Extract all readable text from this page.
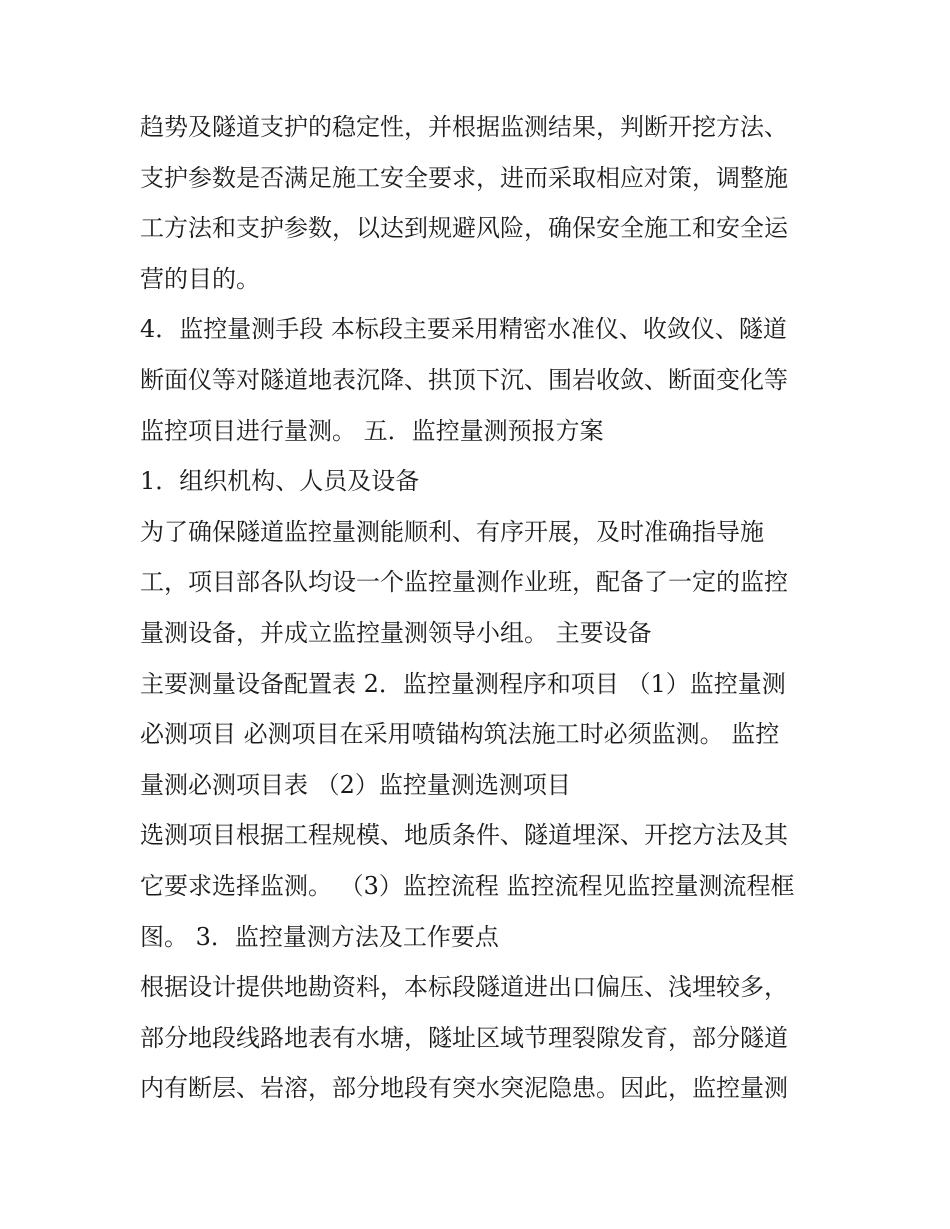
趋势及隧道支护的稳定性，并根据监测结果，判断开挖方法、
支护参数是否满足施工安全要求，进而采取相应对策，调整施
工方法和支护参数，以达到规避风险，确保安全施工和安全运
营的目的。
4．监控量测手段 本标段主要采用精密水准仪、收敛仪、隧道
断面仪等对隧道地表沉降、拱顶下沉、围岩收敛、断面变化等
监控项目进行量测。 五．监控量测预报方案
1．组织机构、人员及设备
为了确保隧道监控量测能顺利、有序开展，及时准确指导施
工，项目部各队均设一个监控量测作业班，配备了一定的监控
量测设备，并成立监控量测领导小组。 主要设备
主要测量设备配置表 2．监控量测程序和项目 （1）监控量测
必测项目 必测项目在采用喷锚构筑法施工时必须监测。 监控
量测必测项目表 （2）监控量测选测项目
选测项目根据工程规模、地质条件、隧道埋深、开挖方法及其
它要求选择监测。 （3）监控流程 监控流程见监控量测流程框
图。 3．监控量测方法及工作要点
根据设计提供地勘资料，本标段隧道进出口偏压、浅埋较多，
部分地段线路地表有水塘，隧址区域节理裂隙发育，部分隧道
内有断层、岩溶，部分地段有突水突泥隐患。因此，监控量测
